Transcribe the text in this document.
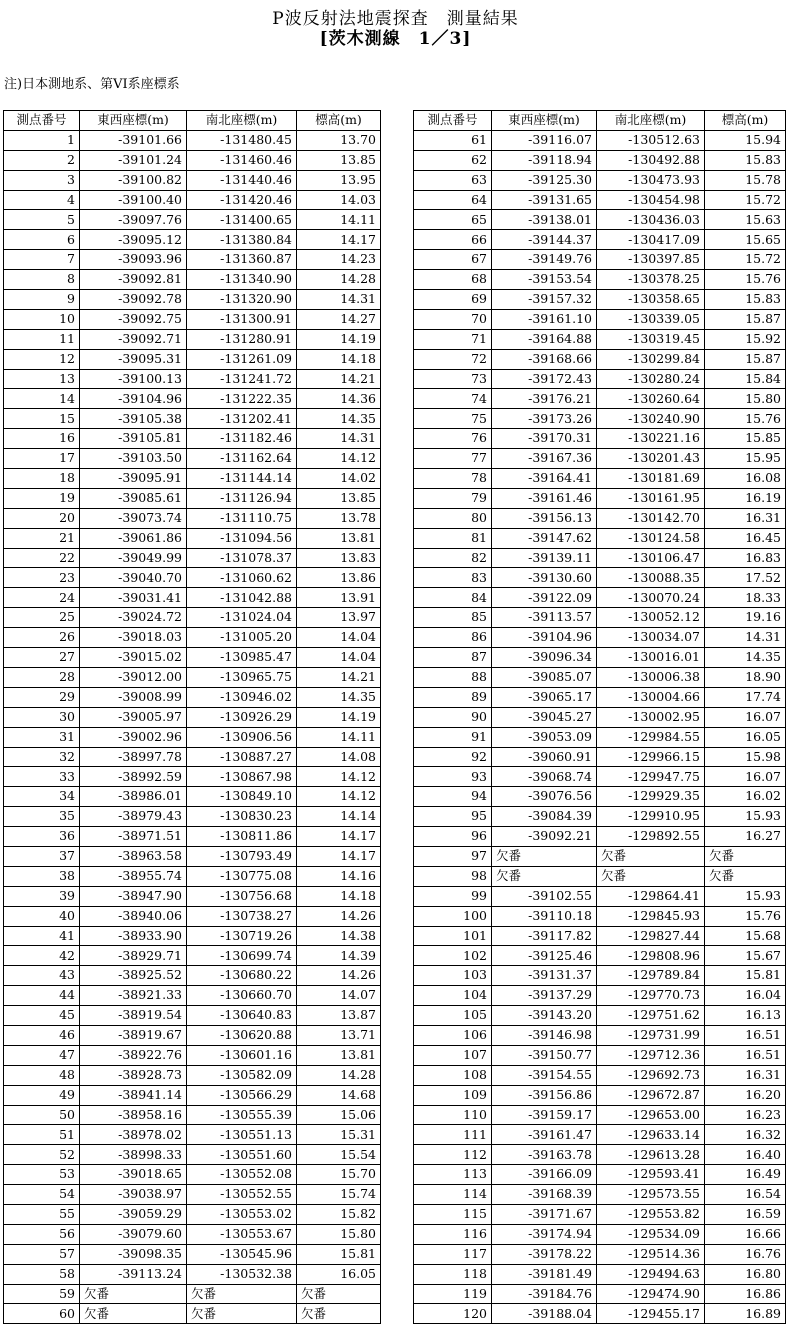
P波反射法地震探査　測量結果
[茨木測線　1／3]
注)日本測地系、第VI系座標系
測点番号	東西座標(m)	南北座標(m)	標高(m)
1	-39101.66	-131480.45	13.70
2	-39101.24	-131460.46	13.85
3	-39100.82	-131440.46	13.95
4	-39100.40	-131420.46	14.03
5	-39097.76	-131400.65	14.11
6	-39095.12	-131380.84	14.17
7	-39093.96	-131360.87	14.23
8	-39092.81	-131340.90	14.28
9	-39092.78	-131320.90	14.31
10	-39092.75	-131300.91	14.27
11	-39092.71	-131280.91	14.19
12	-39095.31	-131261.09	14.18
13	-39100.13	-131241.72	14.21
14	-39104.96	-131222.35	14.36
15	-39105.38	-131202.41	14.35
16	-39105.81	-131182.46	14.31
17	-39103.50	-131162.64	14.12
18	-39095.91	-131144.14	14.02
19	-39085.61	-131126.94	13.85
20	-39073.74	-131110.75	13.78
21	-39061.86	-131094.56	13.81
22	-39049.99	-131078.37	13.83
23	-39040.70	-131060.62	13.86
24	-39031.41	-131042.88	13.91
25	-39024.72	-131024.04	13.97
26	-39018.03	-131005.20	14.04
27	-39015.02	-130985.47	14.04
28	-39012.00	-130965.75	14.21
29	-39008.99	-130946.02	14.35
30	-39005.97	-130926.29	14.19
31	-39002.96	-130906.56	14.11
32	-38997.78	-130887.27	14.08
33	-38992.59	-130867.98	14.12
34	-38986.01	-130849.10	14.12
35	-38979.43	-130830.23	14.14
36	-38971.51	-130811.86	14.17
37	-38963.58	-130793.49	14.17
38	-38955.74	-130775.08	14.16
39	-38947.90	-130756.68	14.18
40	-38940.06	-130738.27	14.26
41	-38933.90	-130719.26	14.38
42	-38929.71	-130699.74	14.39
43	-38925.52	-130680.22	14.26
44	-38921.33	-130660.70	14.07
45	-38919.54	-130640.83	13.87
46	-38919.67	-130620.88	13.71
47	-38922.76	-130601.16	13.81
48	-38928.73	-130582.09	14.28
49	-38941.14	-130566.29	14.68
50	-38958.16	-130555.39	15.06
51	-38978.02	-130551.13	15.31
52	-38998.33	-130551.60	15.54
53	-39018.65	-130552.08	15.70
54	-39038.97	-130552.55	15.74
55	-39059.29	-130553.02	15.82
56	-39079.60	-130553.67	15.80
57	-39098.35	-130545.96	15.81
58	-39113.24	-130532.38	16.05
59	欠番	欠番	欠番
60	欠番	欠番	欠番
測点番号	東西座標(m)	南北座標(m)	標高(m)
61	-39116.07	-130512.63	15.94
62	-39118.94	-130492.88	15.83
63	-39125.30	-130473.93	15.78
64	-39131.65	-130454.98	15.72
65	-39138.01	-130436.03	15.63
66	-39144.37	-130417.09	15.65
67	-39149.76	-130397.85	15.72
68	-39153.54	-130378.25	15.76
69	-39157.32	-130358.65	15.83
70	-39161.10	-130339.05	15.87
71	-39164.88	-130319.45	15.92
72	-39168.66	-130299.84	15.87
73	-39172.43	-130280.24	15.84
74	-39176.21	-130260.64	15.80
75	-39173.26	-130240.90	15.76
76	-39170.31	-130221.16	15.85
77	-39167.36	-130201.43	15.95
78	-39164.41	-130181.69	16.08
79	-39161.46	-130161.95	16.19
80	-39156.13	-130142.70	16.31
81	-39147.62	-130124.58	16.45
82	-39139.11	-130106.47	16.83
83	-39130.60	-130088.35	17.52
84	-39122.09	-130070.24	18.33
85	-39113.57	-130052.12	19.16
86	-39104.96	-130034.07	14.31
87	-39096.34	-130016.01	14.35
88	-39085.07	-130006.38	18.90
89	-39065.17	-130004.66	17.74
90	-39045.27	-130002.95	16.07
91	-39053.09	-129984.55	16.05
92	-39060.91	-129966.15	15.98
93	-39068.74	-129947.75	16.07
94	-39076.56	-129929.35	16.02
95	-39084.39	-129910.95	15.93
96	-39092.21	-129892.55	16.27
97	欠番	欠番	欠番
98	欠番	欠番	欠番
99	-39102.55	-129864.41	15.93
100	-39110.18	-129845.93	15.76
101	-39117.82	-129827.44	15.68
102	-39125.46	-129808.96	15.67
103	-39131.37	-129789.84	15.81
104	-39137.29	-129770.73	16.04
105	-39143.20	-129751.62	16.13
106	-39146.98	-129731.99	16.51
107	-39150.77	-129712.36	16.51
108	-39154.55	-129692.73	16.31
109	-39156.86	-129672.87	16.20
110	-39159.17	-129653.00	16.23
111	-39161.47	-129633.14	16.32
112	-39163.78	-129613.28	16.40
113	-39166.09	-129593.41	16.49
114	-39168.39	-129573.55	16.54
115	-39171.67	-129553.82	16.59
116	-39174.94	-129534.09	16.66
117	-39178.22	-129514.36	16.76
118	-39181.49	-129494.63	16.80
119	-39184.76	-129474.90	16.86
120	-39188.04	-129455.17	16.89
